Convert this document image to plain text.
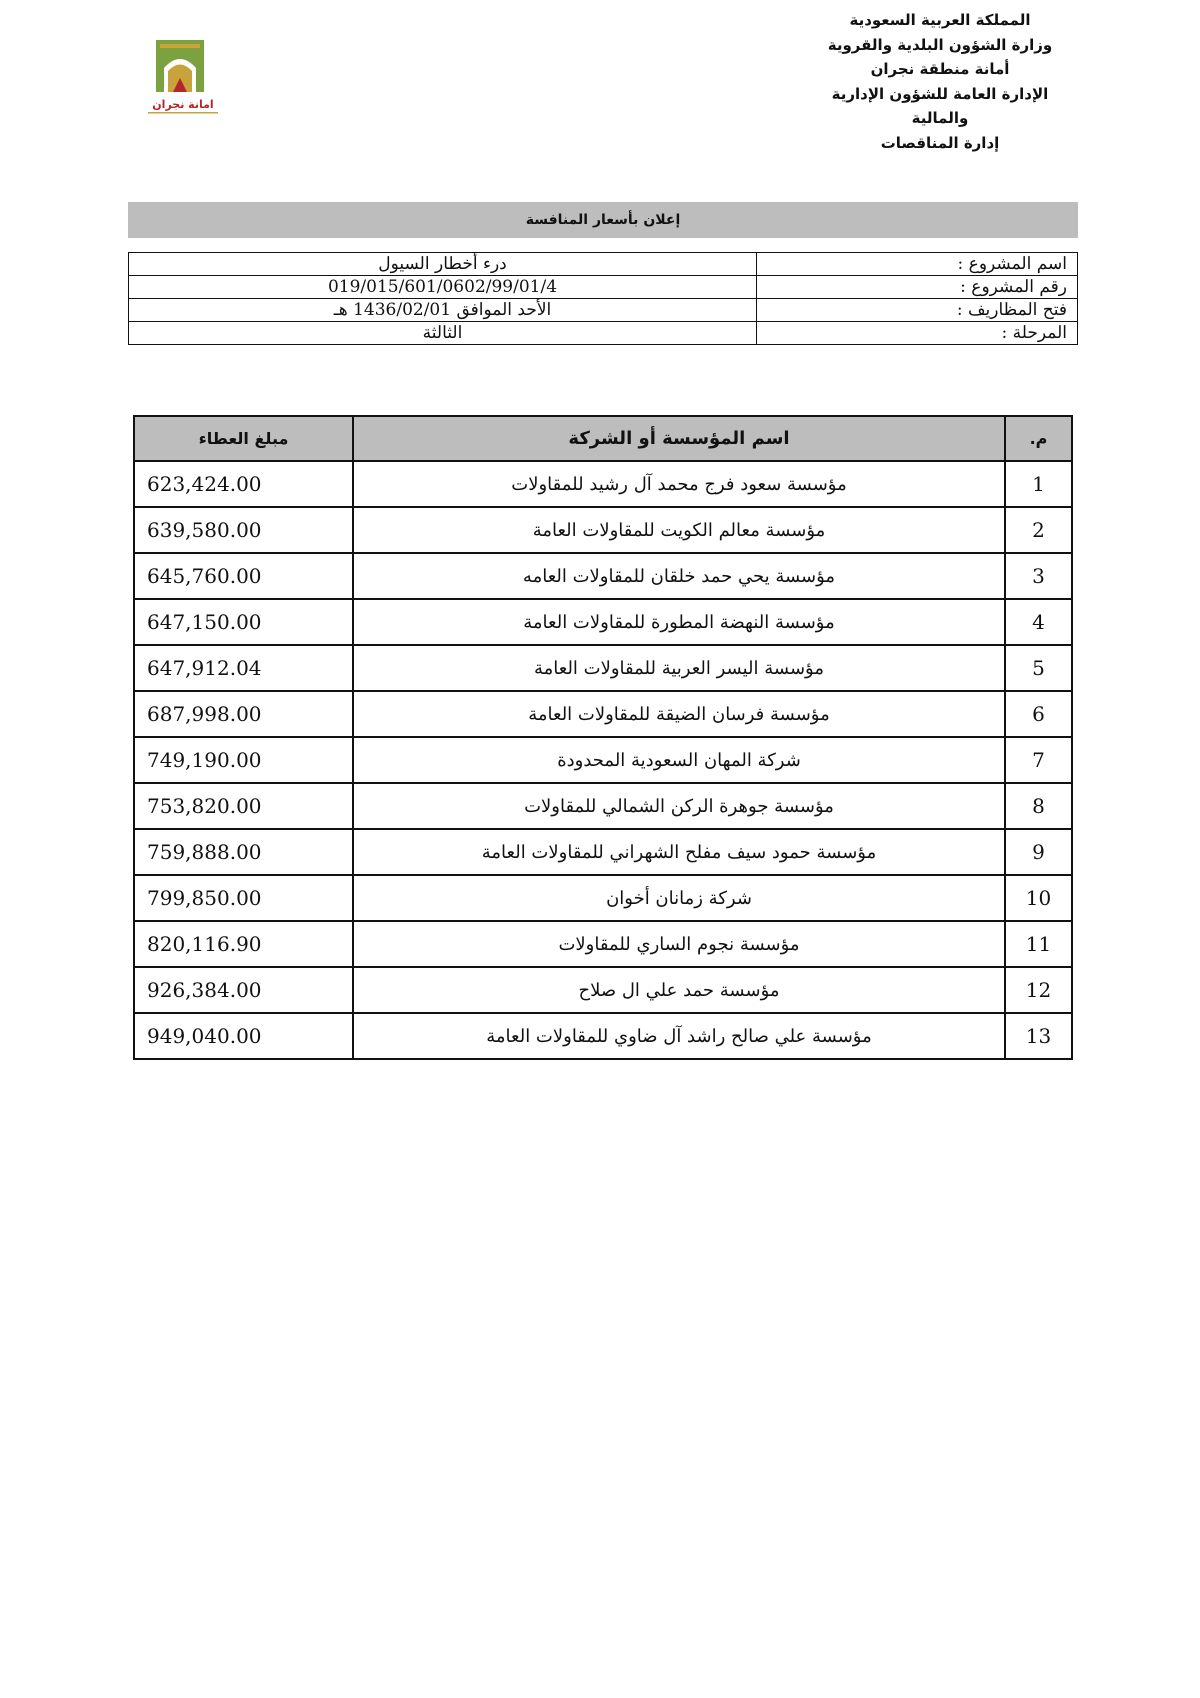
المملكة العربية السعودية
وزارة الشؤون البلدية والقروية
أمانة منطقة نجران
الإدارة العامة للشؤون الإدارية
والمالية
إدارة المناقصات
امانة نجران
إعلان بأسعار المنافسة
اسم المشروع :	درء أخطار السيول
رقم المشروع :	019/015/601/0602/99/01/4
فتح المظاريف :	الأحد الموافق 1436/02/01 هـ
المرحلة :	الثالثة
م.	اسم المؤسسة أو الشركة	مبلغ العطاء
1	مؤسسة سعود فرج محمد آل رشيد للمقاولات	623,424.00
2	مؤسسة معالم الكويت للمقاولات العامة	639,580.00
3	مؤسسة يحي حمد خلقان للمقاولات العامه	645,760.00
4	مؤسسة النهضة المطورة للمقاولات العامة	647,150.00
5	مؤسسة اليسر العربية للمقاولات العامة	647,912.04
6	مؤسسة فرسان الضيقة للمقاولات العامة	687,998.00
7	شركة المهان السعودية المحدودة	749,190.00
8	مؤسسة جوهرة الركن الشمالي للمقاولات	753,820.00
9	مؤسسة حمود سيف مفلح الشهراني للمقاولات العامة	759,888.00
10	شركة زمانان أخوان	799,850.00
11	مؤسسة نجوم الساري للمقاولات	820,116.90
12	مؤسسة حمد علي ال صلاح	926,384.00
13	مؤسسة علي صالح راشد آل ضاوي للمقاولات العامة	949,040.00
